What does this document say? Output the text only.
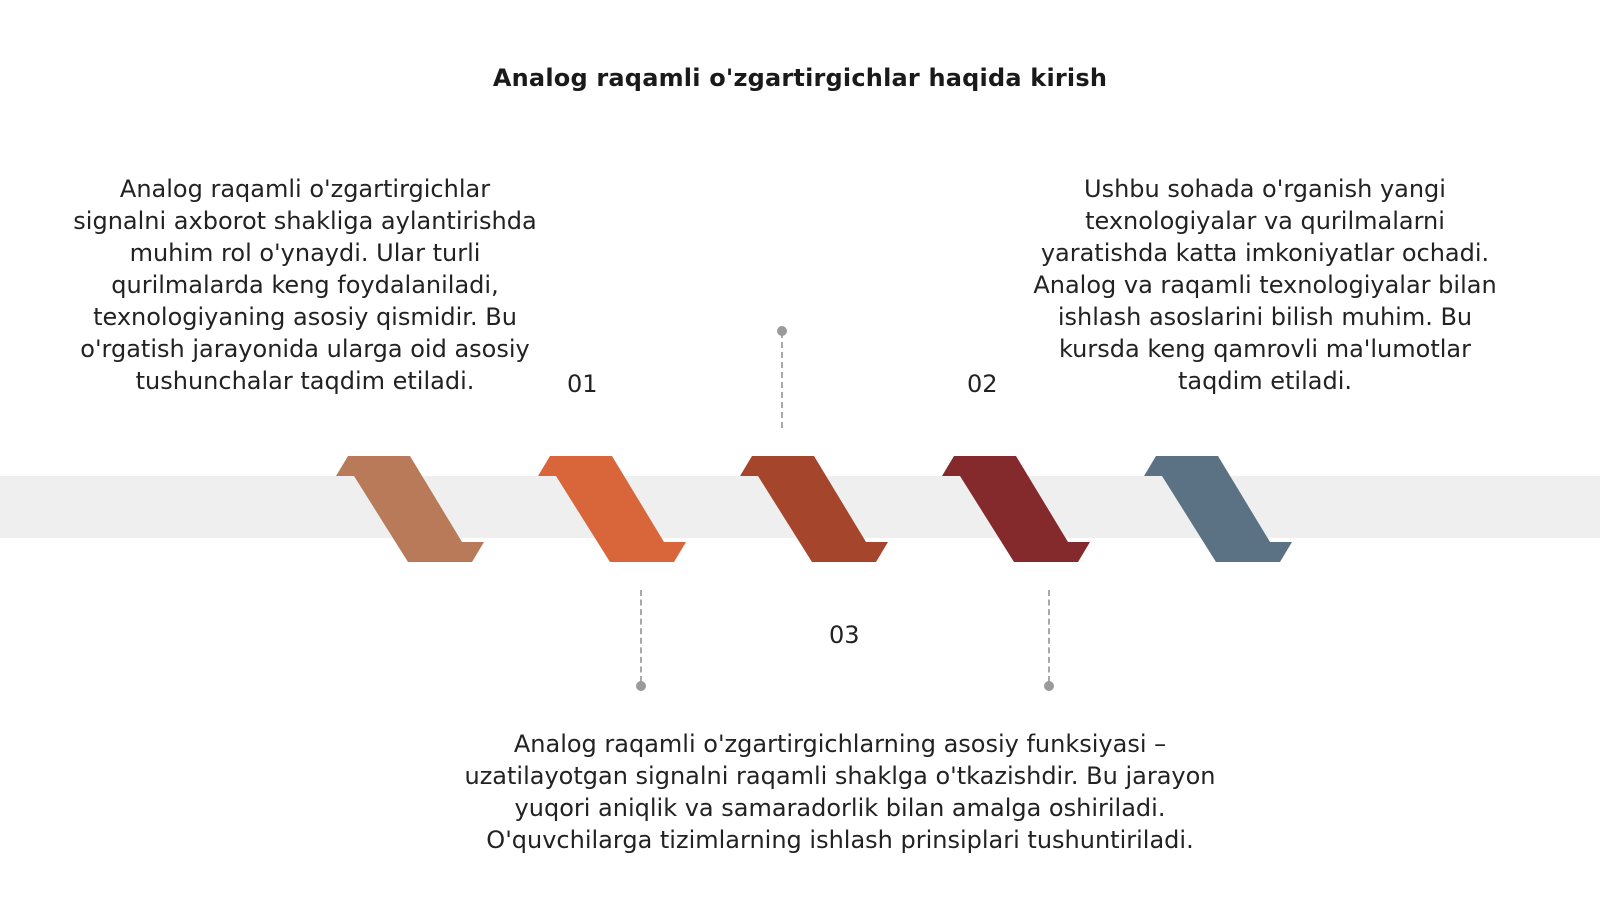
Analog raqamli o'zgartirgichlar haqida kirish
Analog raqamli o'zgartirgichlar signalni axborot shakliga aylantirishda muhim rol o'ynaydi. Ular turli qurilmalarda keng foydalaniladi, texnologiyaning asosiy qismidir. Bu o'rgatish jarayonida ularga oid asosiy tushunchalar taqdim etiladi.	01
Ushbu sohada o'rganish yangi texnologiyalar va qurilmalarni yaratishda katta imkoniyatlar ochadi. Analog va raqamli texnologiyalar bilan ishlash asoslarini bilish muhim. Bu kursda keng qamrovli ma'lumotlar taqdim etiladi.
02
03
Analog raqamli o'zgartirgichlarning asosiy funksiyasi – uzatilayotgan signalni raqamli shaklga o'tkazishdir. Bu jarayon yuqori aniqlik va samaradorlik bilan amalga oshiriladi. O'quvchilarga tizimlarning ishlash prinsiplari tushuntiriladi.
